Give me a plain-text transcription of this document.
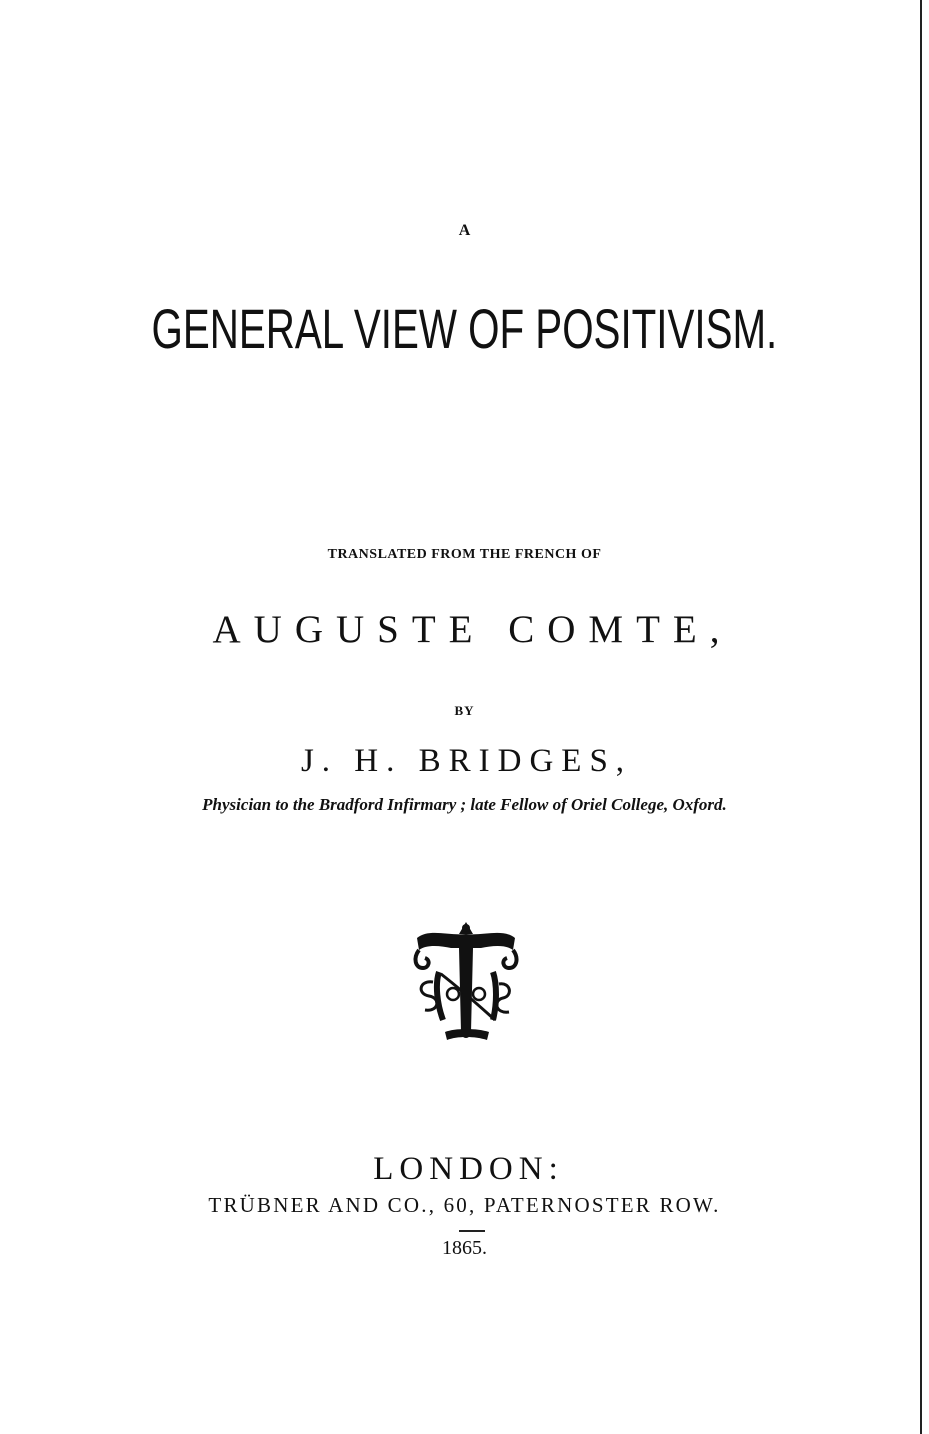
A
GENERAL VIEW OF POSITIVISM.
TRANSLATED FROM THE FRENCH OF
AUGUSTE COMTE,
BY
J. H. BRIDGES,
Physician to the Bradford Infirmary ; late Fellow of Oriel College, Oxford.
LONDON:
TRÜBNER AND CO., 60, PATERNOSTER ROW.
1865.
